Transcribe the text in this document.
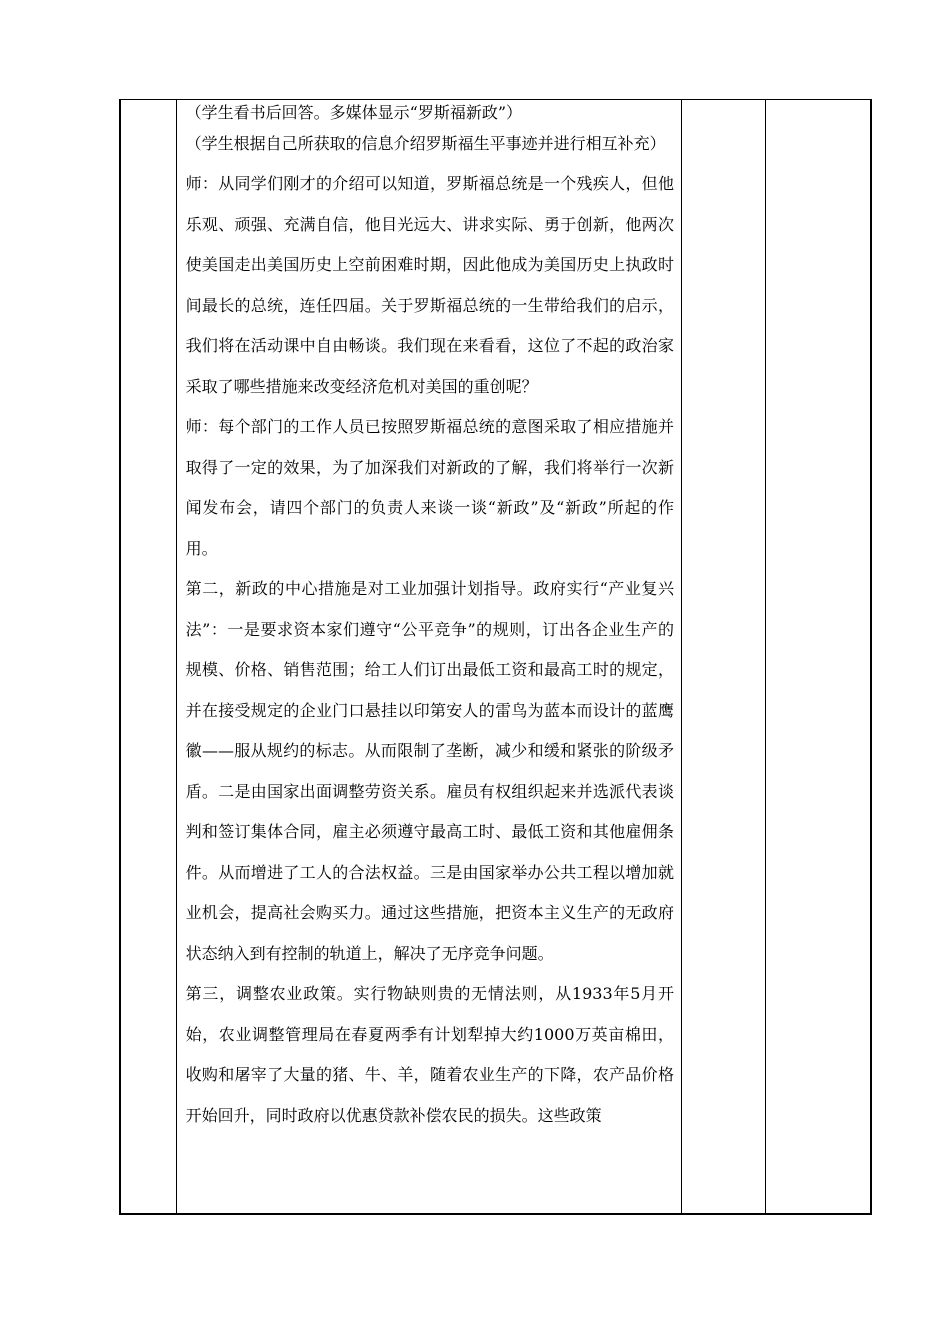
（学生看书后回答。多媒体显示“罗斯福新政”）

（学生根据自己所获取的信息介绍罗斯福生平事迹并进行相互补充）

师：从同学们刚才的介绍可以知道，罗斯福总统是一个残疾人，但他乐观、顽强、充满自信，他目光远大、讲求实际、勇于创新，他两次使美国走出美国历史上空前困难时期，因此他成为美国历史上执政时间最长的总统，连任四届。关于罗斯福总统的一生带给我们的启示，我们将在活动课中自由畅谈。我们现在来看看，这位了不起的政治家采取了哪些措施来改变经济危机对美国的重创呢？

师：每个部门的工作人员已按照罗斯福总统的意图采取了相应措施并取得了一定的效果，为了加深我们对新政的了解，我们将举行一次新闻发布会，请四个部门的负责人来谈一谈“新政”及“新政”所起的作用。

第二，新政的中心措施是对工业加强计划指导。政府实行“产业复兴法”：一是要求资本家们遵守“公平竞争”的规则，订出各企业生产的规模、价格、销售范围；给工人们订出最低工资和最高工时的规定，并在接受规定的企业门口悬挂以印第安人的雷鸟为蓝本而设计的蓝鹰徽——服从规约的标志。从而限制了垄断，减少和缓和紧张的阶级矛盾。二是由国家出面调整劳资关系。雇员有权组织起来并选派代表谈判和签订集体合同，雇主必须遵守最高工时、最低工资和其他雇佣条件。从而增进了工人的合法权益。三是由国家举办公共工程以增加就业机会，提高社会购买力。通过这些措施，把资本主义生产的无政府状态纳入到有控制的轨道上，解决了无序竞争问题。

第三，调整农业政策。实行物缺则贵的无情法则，从1933年5月开始，农业调整管理局在春夏两季有计划犁掉大约1000万英亩棉田，收购和屠宰了大量的猪、牛、羊，随着农业生产的下降，农产品价格开始回升，同时政府以优惠贷款补偿农民的损失。这些政策
